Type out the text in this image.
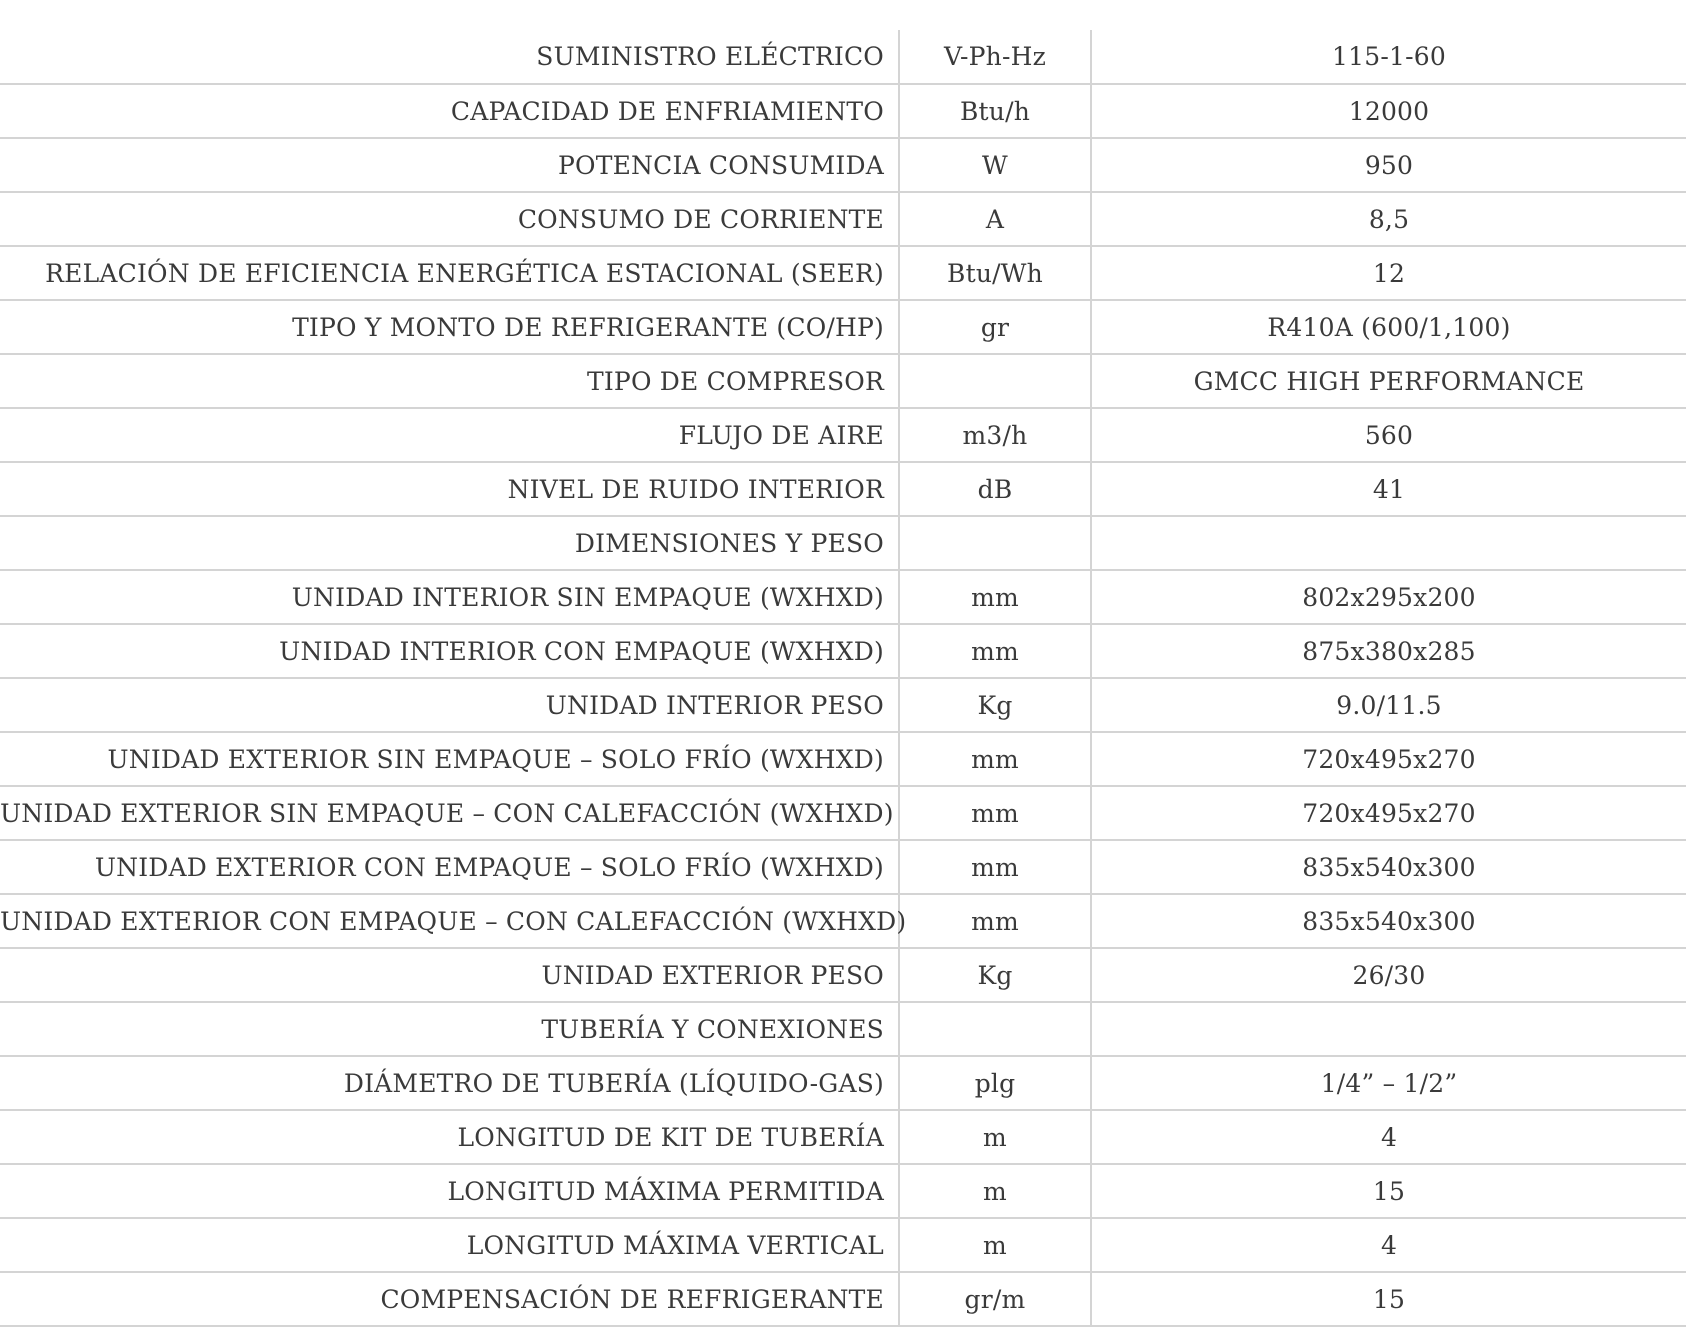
SUMINISTRO ELÉCTRICO	V-Ph-Hz	115-1-60
CAPACIDAD DE ENFRIAMIENTO	Btu/h	12000
POTENCIA CONSUMIDA	W	950
CONSUMO DE CORRIENTE	A	8,5
RELACIÓN DE EFICIENCIA ENERGÉTICA ESTACIONAL (SEER)	Btu/Wh	12
TIPO Y MONTO DE REFRIGERANTE (CO/HP)	gr	R410A (600/1,100)
TIPO DE COMPRESOR		GMCC HIGH PERFORMANCE
FLUJO DE AIRE	m3/h	560
NIVEL DE RUIDO INTERIOR	dB	41
DIMENSIONES Y PESO		
UNIDAD INTERIOR SIN EMPAQUE (WXHXD)	mm	802x295x200
UNIDAD INTERIOR CON EMPAQUE (WXHXD)	mm	875x380x285
UNIDAD INTERIOR PESO	Kg	9.0/11.5
UNIDAD EXTERIOR SIN EMPAQUE – SOLO FRÍO (WXHXD)	mm	720x495x270
UNIDAD EXTERIOR SIN EMPAQUE – CON CALEFACCIÓN (WXHXD)	mm	720x495x270
UNIDAD EXTERIOR CON EMPAQUE – SOLO FRÍO (WXHXD)	mm	835x540x300
UNIDAD EXTERIOR CON EMPAQUE – CON CALEFACCIÓN (WXHXD)	mm	835x540x300
UNIDAD EXTERIOR PESO	Kg	26/30
TUBERÍA Y CONEXIONES		
DIÁMETRO DE TUBERÍA (LÍQUIDO-GAS)	plg	1/4” – 1/2”
LONGITUD DE KIT DE TUBERÍA	m	4
LONGITUD MÁXIMA PERMITIDA	m	15
LONGITUD MÁXIMA VERTICAL	m	4
COMPENSACIÓN DE REFRIGERANTE	gr/m	15
